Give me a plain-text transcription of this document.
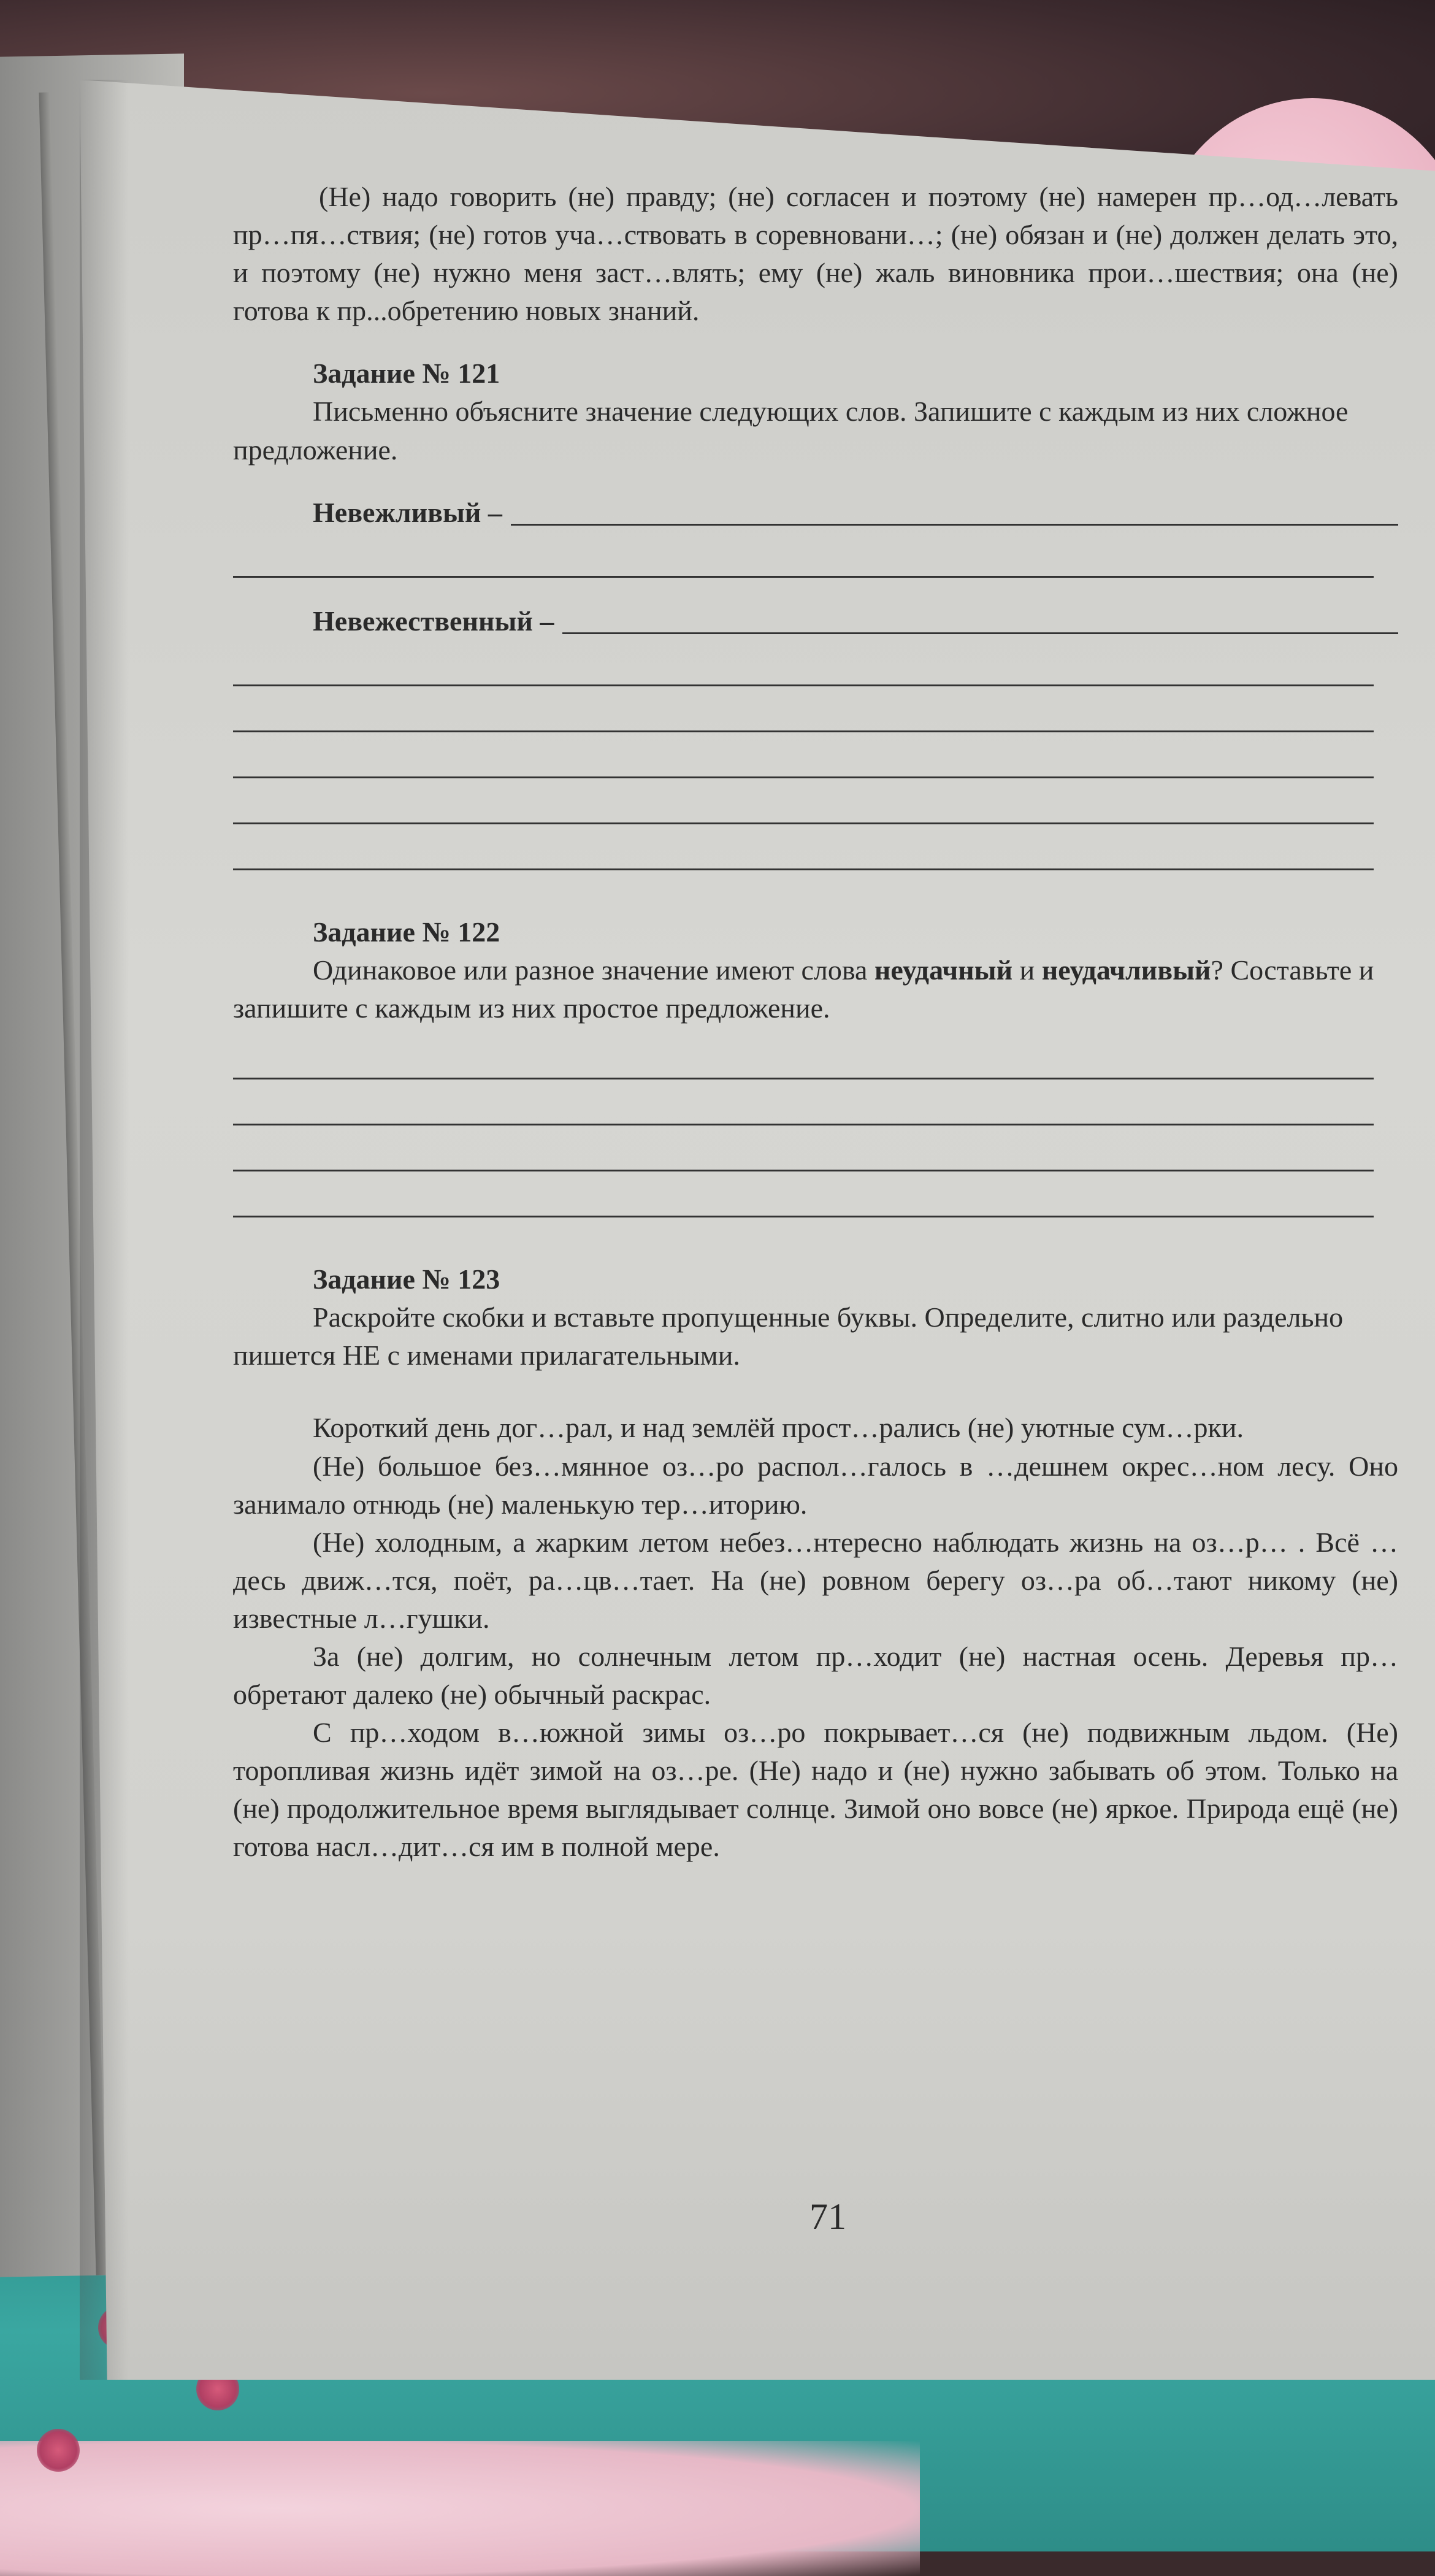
(Не) надо говорить (не) правду; (не) согласен и поэтому (не) намерен пр…од…левать пр…пя…ствия; (не) готов уча…ствовать в соревновани…; (не) обязан и (не) должен делать это, и поэтому (не) нужно меня заст…влять; ему (не) жаль виновника прои…шествия; она (не) готова к пр...обретению новых знаний.

Задание № 121

Письменно объясните значение следующих слов. Запишите с каждым из них сложное предложение.

Невежливый –
Невежественный –
Задание № 122

Одинаковое или разное значение имеют слова неудачный и неудачливый? Составьте и запишите с каждым из них простое предложение.

Задание № 123

Раскройте скобки и вставьте пропущенные буквы. Определите, слитно или раздельно пишется НЕ с именами прилагательными.

Короткий день дог…рал, и над землёй прост…рались (не) уютные сум…рки.

(Не) большое без…мянное оз…ро распол…галось в …дешнем окрес…ном лесу. Оно занимало отнюдь (не) маленькую тер…иторию.

(Не) холодным, а жарким летом небез…нтересно наблюдать жизнь на оз…р… . Всё …десь движ…тся, поёт, ра…цв…тает. На (не) ровном берегу оз…ра об…тают никому (не) известные л…гушки.

За (не) долгим, но солнечным летом пр…ходит (не) настная осень. Деревья пр…обретают далеко (не) обычный раскрас.

С пр…ходом в…южной зимы оз…ро покрывает…ся (не) подвижным льдом. (Не) торопливая жизнь идёт зимой на оз…ре. (Не) надо и (не) нужно забывать об этом. Только на (не) продолжительное время выглядывает солнце. Зимой оно вовсе (не) яркое. Природа ещё (не) готова насл…дит…ся им в полной мере.

71
